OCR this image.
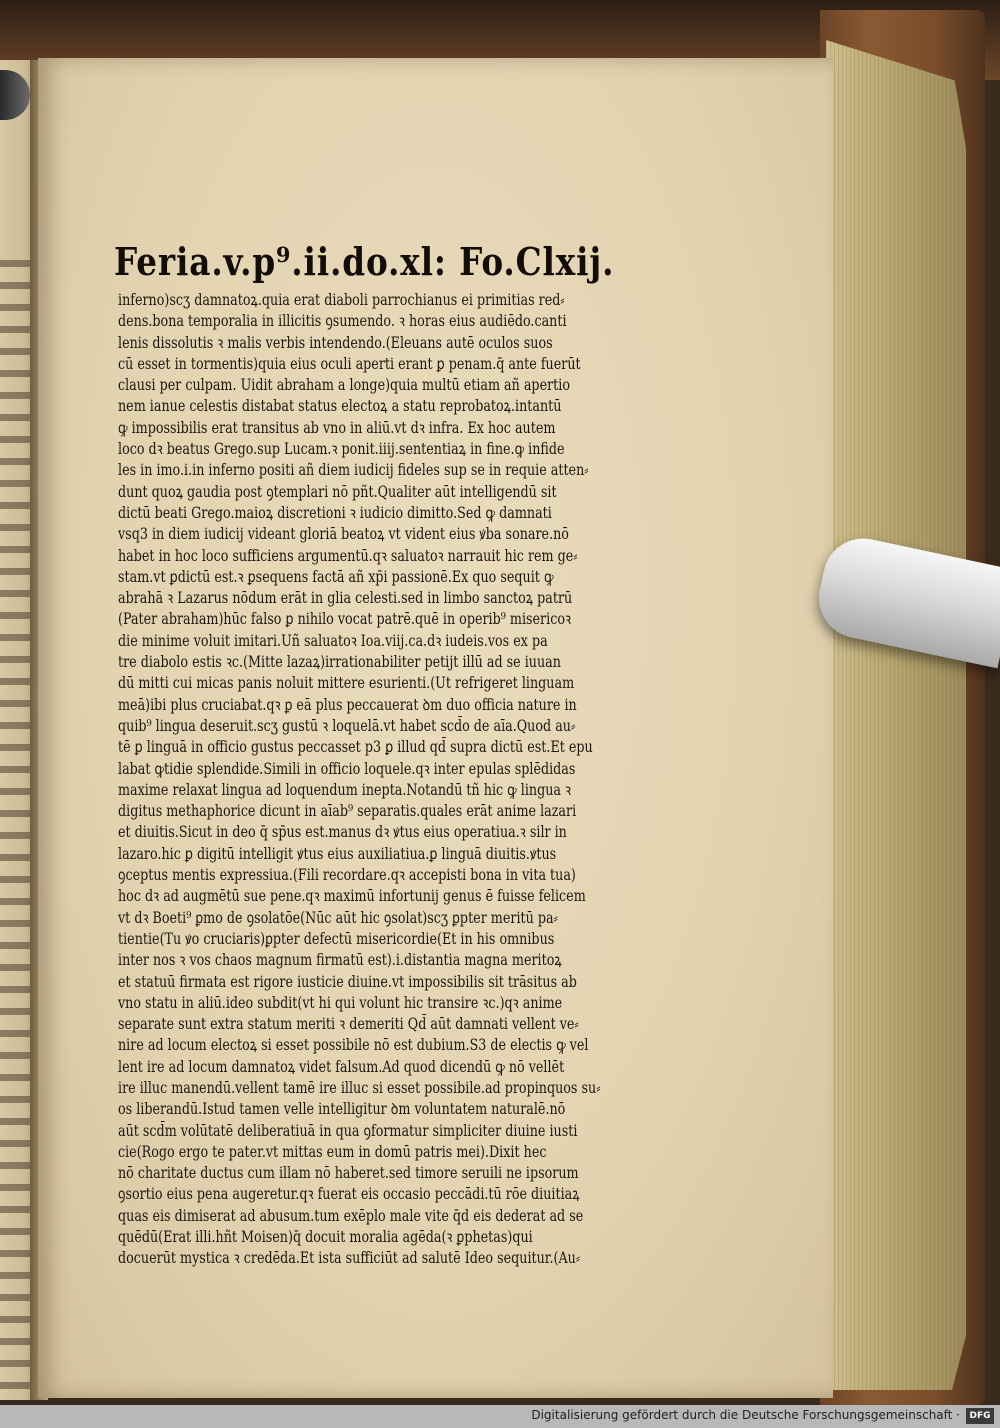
Feria.v.p⁹.ii.do.xl: Fo.Clxij.
inferno)scʒ damnatoꝝ.quia erat diaboli parrochianus ei primitias red⸗
dens.bona temporalia in illicitis ꝯsumendo. ꝛ horas eius audiēdo.canti
lenis dissolutis ꝛ malis verbis intendendo.(Eleuans autē oculos suos
cū esset in tormentis)quia eius oculi aperti erant ꝑ penam.q̄ ante fuerūt
clausi per culpam. Uidit abraham a longe)quia multū etiam añ apertio
nem ianue celestis distabat status electoꝝ a statu reprobatoꝝ.intantū
ꝙ impossibilis erat transitus ab vno in aliū.vt dꝛ infra. Ex hoc autem
loco dꝛ beatus Grego.sup Lucam.ꝛ ponit.iiij.sententiaꝝ in fine.ꝙ infide
les in imo.i.in inferno positi añ diem iudicij fideles sup se in requie atten⸗
dunt quoꝝ gaudia post ꝯtemplari nō pñt.Qualiter aūt intelligendū sit
dictū beati Grego.maioꝝ discretioni ꝛ iudicio dimitto.Sed ꝙ damnati
vsq3 in diem iudicij videant gloriā beatoꝝ vt vident eius ꝟba sonare.nō
habet in hoc loco sufficiens argumentū.qꝛ saluatoꝛ narrauit hic rem ge⸗
stam.vt ꝑdictū est.ꝛ ꝑsequens factā añ xp̄i passionē.Ex quo sequit ꝙ
abrahā ꝛ Lazarus nōdum erāt in glia celesti.sed in limbo sanctoꝝ patrū
(Pater abraham)hūc falso ꝑ nihilo vocat patrē.quē in operib⁹ misericoꝛ
die minime voluit imitari.Uñ saluatoꝛ Ioa.viij.ca.dꝛ iudeis.vos ex pa
tre diabolo estis ꝛc.(Mitte lazaꝝ)irrationabiliter petijt illū ad se iuuan
dū mitti cui micas panis noluit mittere esurienti.(Ut refrigeret linguam
meā)ibi plus cruciabat.qꝛ ꝑ eā plus peccauerat ꝺm duo officia nature in
quib⁹ lingua deseruit.scʒ gustū ꝛ loquelā.vt habet scd̄o de aīa.Quod au⸗
tē ꝑ linguā in officio gustus peccasset p3 ꝑ illud qd̄ supra dictū est.Et epu
labat ꝙtidie splendide.Simili in officio loquele.qꝛ inter epulas splēdidas
maxime relaxat lingua ad loquendum inepta.Notandū tñ hic ꝙ lingua ꝛ
digitus methaphorice dicunt in aīab⁹ separatis.quales erāt anime lazari
et diuitis.Sicut in deo q̄ sp̄us est.manus dꝛ ꝟtus eius operatiua.ꝛ silr in
lazaro.hic ꝑ digitū intelligit ꝟtus eius auxiliatiua.ꝑ linguā diuitis.ꝟtus
ꝯceptus mentis expressiua.(Fili recordare.qꝛ accepisti bona in vita tua)
hoc dꝛ ad augmētū sue pene.qꝛ maximū infortunij genus ē fuisse felicem
vt dꝛ Boeti⁹ ꝑmo de ꝯsolatōe(Nūc aūt hic ꝯsolat)scʒ ꝑpter meritū pa⸗
tientie(Tu ꝟo cruciaris)ꝑpter defectū misericordie(Et in his omnibus
inter nos ꝛ vos chaos magnum firmatū est).i.distantia magna meritoꝝ
et statuū firmata est rigore iusticie diuine.vt impossibilis sit trāsitus ab
vno statu in aliū.ideo subdit(vt hi qui volunt hic transire ꝛc.)qꝛ anime
separate sunt extra statum meriti ꝛ demeriti Qd̄ aūt damnati vellent ve⸗
nire ad locum electoꝝ si esset possibile nō est dubium.S3 de electis ꝙ vel
lent ire ad locum damnatoꝝ videt falsum.Ad quod dicendū ꝙ nō vellēt
ire illuc manendū.vellent tamē ire illuc si esset possibile.ad propinquos su⸗
os liberandū.Istud tamen velle intelligitur ꝺm voluntatem naturalē.nō
aūt scd̄m volūtatē deliberatiuā in qua ꝯformatur simpliciter diuine iusti
cie(Rogo ergo te pater.vt mittas eum in domū patris mei).Dixit hec
nō charitate ductus cum illam nō haberet.sed timore seruili ne ipsorum
ꝯsortio eius pena augeretur.qꝛ fuerat eis occasio peccādi.tū rōe diuitiaꝝ
quas eis dimiserat ad abusum.tum exēplo male vite q̄d eis dederat ad se
quēdū(Erat illi.hñt Moisen)q̄ docuit moralia agēda(ꝛ ꝑphetas)qui
docuerūt mystica ꝛ credēda.Et ista sufficiūt ad salutē Ideo sequitur.(Au⸗
Digitalisierung gefördert durch die Deutsche Forschungsgemeinschaft ·	DFG
